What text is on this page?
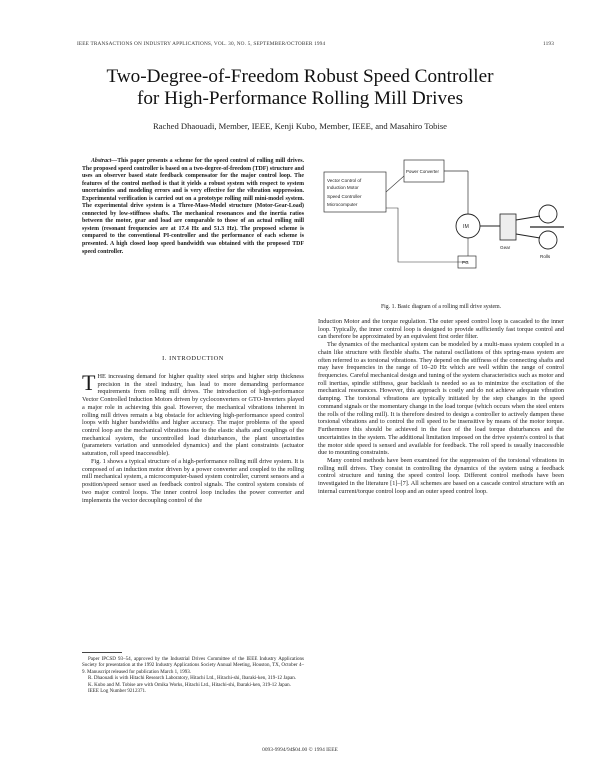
IEEE TRANSACTIONS ON INDUSTRY APPLICATIONS, VOL. 30, NO. 5, SEPTEMBER/OCTOBER 1994	1193
Two-Degree-of-Freedom Robust Speed Controller
for High-Performance Rolling Mill Drives
Rached Dhaouadi, Member, IEEE, Kenji Kubo, Member, IEEE, and Masahiro Tobise

Abstract—This paper presents a scheme for the speed control of rolling mill drives. The proposed speed controller is based on a two-degree-of-freedom (TDF) structure and uses an observer based state feedback compensator for the major control loop. The features of the control method is that it yields a robust system with respect to system uncertainties and modeling errors and is very effective for the vibration suppression. Experimental verification is carried out on a prototype rolling mill mini-model system. The experimental drive system is a Three-Mass-Model structure (Motor-Gear-Load) connected by low-stiffness shafts. The mechanical resonances and the inertia ratios between the motor, gear and load are comparable to those of an actual rolling mill system (resonant frequencies are at 17.4 Hz and 51.3 Hz). The proposed scheme is compared to the conventional PI-controller and the performance of each scheme is presented. A high closed loop speed bandwidth was obtained with the proposed TDF speed controller.

I. INTRODUCTION

THE increasing demand for higher quality steel strips and higher strip thickness precision in the steel industry, has lead to more demanding performance requirements from rolling mill drives. The introduction of high-performance Vector Controlled Induction Motors driven by cycloconverters or GTO-Inverters played a major role in achieving this goal. However, the mechanical vibrations inherent in rolling mill drives remain a big obstacle for achieving high-performance speed control loops with higher bandwidths and higher accuracy. The major problems of the speed control loop are the mechanical vibrations due to the elastic shafts and couplings of the mechanical system, the uncontrolled load disturbances, the plant uncertainties (parameters variation and unmodeled dynamics) and the plant constraints (actuator saturation, roll speed inaccessible).

Fig. 1 shows a typical structure of a high-performance rolling mill drive system. It is composed of an induction motor driven by a power converter and coupled to the rolling mill mechanical system, a microcomputer-based system controller, current sensors and a position/speed sensor used as feedback control signals. The control system consists of two major control loops. The inner control loop includes the power converter and implements the vector decoupling control of the

Paper IPCSD 93–54, approved by the Industrial Drives Committee of the IEEE Industry Applications Society for presentation at the 1992 Industry Applications Society Annual Meeting, Houston, TX, October 4–9. Manuscript released for publication March 1, 1993.

R. Dhaouadi is with Hitachi Research Laboratory, Hitachi Ltd., Hitachi-shi, Ibaraki-ken, 319-12 Japan.

K. Kubo and M. Tobise are with Omika Works, Hitachi Ltd., Hitachi-shi, Ibaraki-ken, 319-12 Japan.

IEEE Log Number 9212371.

Vector Control of
Induction Motor
Speed Controller
Microcomputer
Power Converter
IM
PG
Gear
Rolls
Fig. 1. Basic diagram of a rolling mill drive system.

Induction Motor and the torque regulation. The outer speed control loop is cascaded to the inner loop. Typically, the inner control loop is designed to provide sufficiently fast torque control and can therefore be approximated by an equivalent first order filter.

The dynamics of the mechanical system can be modeled by a multi-mass system coupled in a chain like structure with flexible shafts. The natural oscillations of this spring-mass system are often referred to as torsional vibrations. They depend on the stiffness of the connecting shafts and may have frequencies in the range of 10–20 Hz which are well within the range of control frequencies. Careful mechanical design and tuning of the system characteristics such as motor and roll inertias, spindle stiffness, gear backlash is needed so as to minimize the excitation of the mechanical resonances. However, this approach is costly and do not achieve adequate vibration damping. The torsional vibrations are typically initiated by the step changes in the speed command signals or the momentary change in the load torque (which occurs when the steel enters the rolls of the rolling mill). It is therefore desired to design a controller to actively dampen these torsional vibrations and to control the roll speed to be insensitive by means of the motor torque. Furthermore this should be achieved in the face of the load torque disturbances and the uncertainties in the system. The additional limitation imposed on the drive system's control is that the motor side speed is sensed and available for feedback. The roll speed is usually inaccessible due to mounting constraints.

Many control methods have been examined for the suppression of the torsional vibrations in rolling mill drives. They consist in controlling the dynamics of the system using a feedback control structure and tuning the speed control loop. Different control methods have been investigated in the literature [1]–[7]. All schemes are based on a cascade control structure with an internal current/torque control loop and an outer speed control loop.

0093-9994/94$04.00 © 1994 IEEE
